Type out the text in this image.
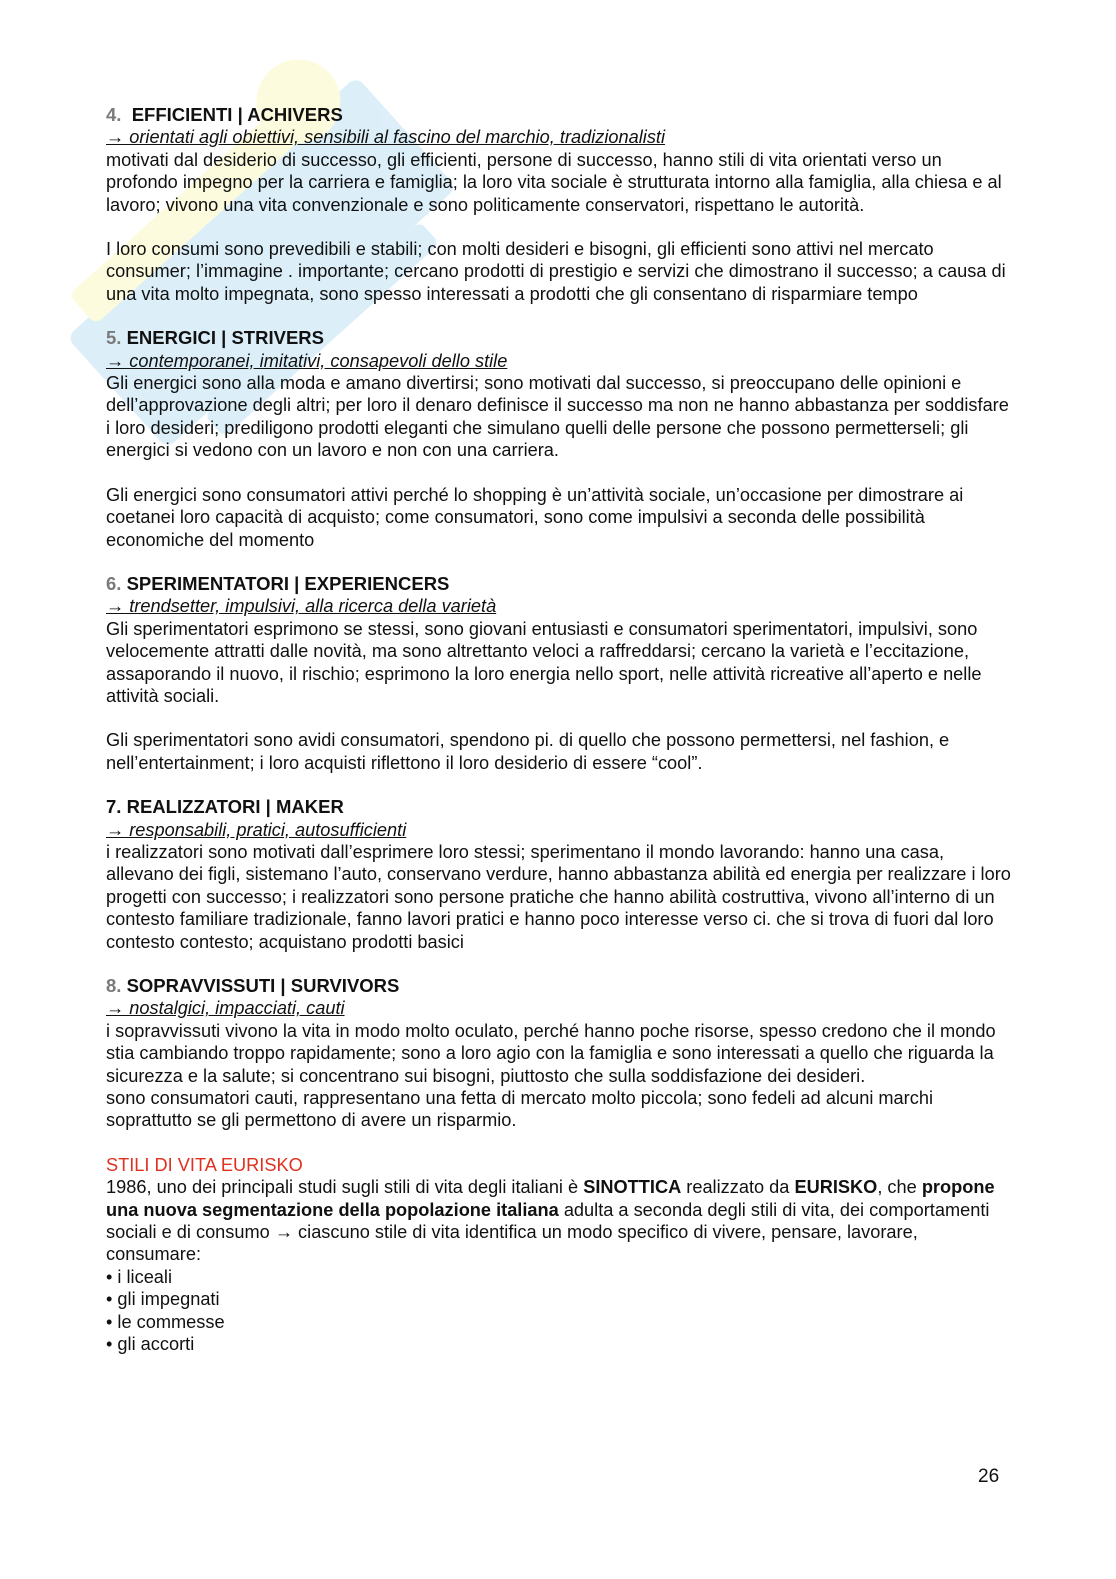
4. EFFICIENTI | ACHIVERS
→ orientati agli obiettivi, sensibili al fascino del marchio, tradizionalisti

motivati dal desiderio di successo, gli efficienti, persone di successo, hanno stili di vita orientati verso un profondo impegno per la carriera e famiglia; la loro vita sociale è strutturata intorno alla famiglia, alla chiesa e al lavoro; vivono una vita convenzionale e sono politicamente conservatori, rispettano le autorità.

I loro consumi sono prevedibili e stabili; con molti desideri e bisogni, gli efficienti sono attivi nel mercato consumer; l’immagine . importante; cercano prodotti di prestigio e servizi che dimostrano il successo; a causa di una vita molto impegnata, sono spesso interessati a prodotti che gli consentano di risparmiare tempo

5. ENERGICI | STRIVERS
→ contemporanei, imitativi, consapevoli dello stile

Gli energici sono alla moda e amano divertirsi; sono motivati dal successo, si preoccupano delle opinioni e dell’approvazione degli altri; per loro il denaro definisce il successo ma non ne hanno abbastanza per soddisfare i loro desideri; prediligono prodotti eleganti che simulano quelli delle persone che possono permetterseli; gli energici si vedono con un lavoro e non con una carriera.

Gli energici sono consumatori attivi perché lo shopping è un’attività sociale, un’occasione per dimostrare ai coetanei loro capacità di acquisto; come consumatori, sono come impulsivi a seconda delle possibilità economiche del momento

6. SPERIMENTATORI | EXPERIENCERS
→ trendsetter, impulsivi, alla ricerca della varietà

Gli sperimentatori esprimono se stessi, sono giovani entusiasti e consumatori sperimentatori, impulsivi, sono velocemente attratti dalle novità, ma sono altrettanto veloci a raffreddarsi; cercano la varietà e l’eccitazione, assaporando il nuovo, il rischio; esprimono la loro energia nello sport, nelle attività ricreative all’aperto e nelle attività sociali.

Gli sperimentatori sono avidi consumatori, spendono pi. di quello che possono permettersi, nel fashion, e nell’entertainment; i loro acquisti riflettono il loro desiderio di essere “cool”.

7. REALIZZATORI | MAKER
→ responsabili, pratici, autosufficienti

i realizzatori sono motivati dall’esprimere loro stessi; sperimentano il mondo lavorando: hanno una casa, allevano dei figli, sistemano l’auto, conservano verdure, hanno abbastanza abilità ed energia per realizzare i loro progetti con successo; i realizzatori sono persone pratiche che hanno abilità costruttiva, vivono all’interno di un contesto familiare tradizionale, fanno lavori pratici e hanno poco interesse verso ci. che si trova di fuori dal loro contesto contesto; acquistano prodotti basici

8. SOPRAVVISSUTI | SURVIVORS
→ nostalgici, impacciati, cauti

i sopravvissuti vivono la vita in modo molto oculato, perché hanno poche risorse, spesso credono che il mondo stia cambiando troppo rapidamente; sono a loro agio con la famiglia e sono interessati a quello che riguarda la sicurezza e la salute; si concentrano sui bisogni, piuttosto che sulla soddisfazione dei desideri.

sono consumatori cauti, rappresentano una fetta di mercato molto piccola; sono fedeli ad alcuni marchi soprattutto se gli permettono di avere un risparmio.

STILI DI VITA EURISKO

1986, uno dei principali studi sugli stili di vita degli italiani è SINOTTICA realizzato da EURISKO, che propone una nuova segmentazione della popolazione italiana adulta a seconda degli stili di vita, dei comportamenti sociali e di consumo → ciascuno stile di vita identifica un modo specifico di vivere, pensare, lavorare, consumare:

• i liceali
• gli impegnati
• le commesse
• gli accorti
26
